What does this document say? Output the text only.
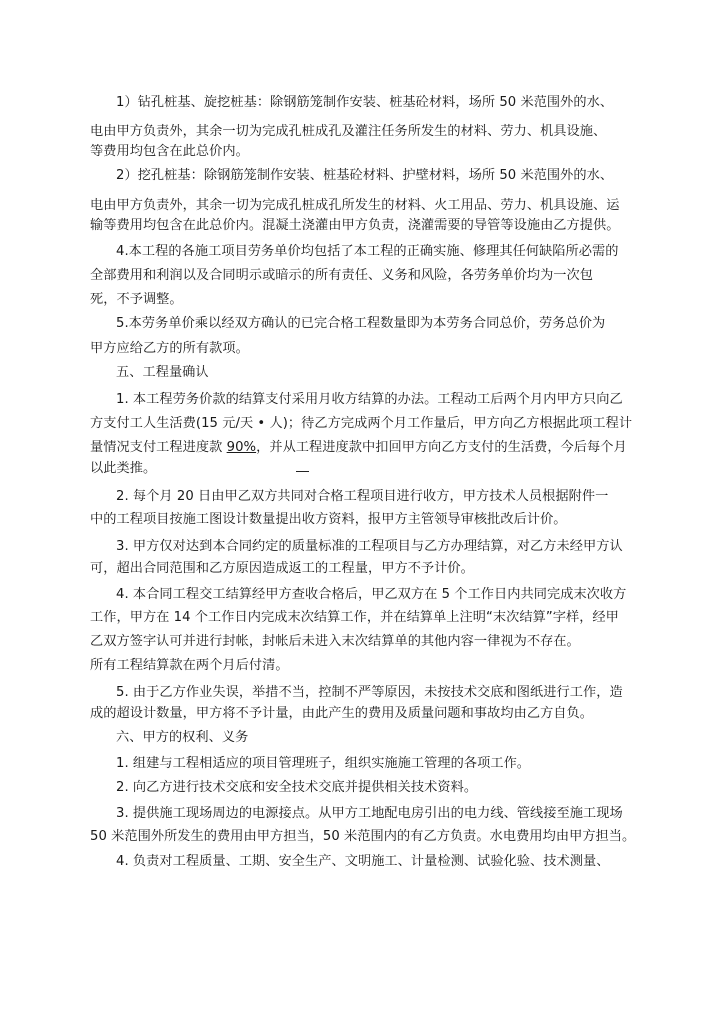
1）钻孔桩基、旋挖桩基：除钢筋笼制作安装、桩基砼材料，场所 50 米范围外的水、
电由甲方负责外，其余一切为完成孔桩成孔及灌注任务所发生的材料、劳力、机具设施、
等费用均包含在此总价内。
2）挖孔桩基：除钢筋笼制作安装、桩基砼材料、护壁材料，场所 50 米范围外的水、
电由甲方负责外，其余一切为完成孔桩成孔所发生的材料、火工用品、劳力、机具设施、运
输等费用均包含在此总价内。混凝土浇灌由甲方负责，浇灌需要的导管等设施由乙方提供。
4.本工程的各施工项目劳务单价均包括了本工程的正确实施、修理其任何缺陷所必需的
全部费用和利润以及合同明示或暗示的所有责任、义务和风险，各劳务单价均为一次包
死，不予调整。
5.本劳务单价乘以经双方确认的已完合格工程数量即为本劳务合同总价，劳务总价为
甲方应给乙方的所有款项。
五、工程量确认
1. 本工程劳务价款的结算支付采用月收方结算的办法。工程动工后两个月内甲方只向乙
方支付工人生活费(15 元/天 • 人)；待乙方完成两个月工作量后，甲方向乙方根据此项工程计
量情况支付工程进度款 90%，并从工程进度款中扣回甲方向乙方支付的生活费，今后每个月
以此类推。
2. 每个月 20 日由甲乙双方共同对合格工程项目进行收方，甲方技术人员根据附件一
中的工程项目按施工图设计数量提出收方资料，报甲方主管领导审核批改后计价。
3. 甲方仅对达到本合同约定的质量标准的工程项目与乙方办理结算，对乙方未经甲方认
可，超出合同范围和乙方原因造成返工的工程量，甲方不予计价。
4. 本合同工程交工结算经甲方查收合格后，甲乙双方在 5 个工作日内共同完成末次收方
工作，甲方在 14 个工作日内完成末次结算工作，并在结算单上注明“末次结算”字样，经甲
乙双方签字认可并进行封帐，封帐后未进入末次结算单的其他内容一律视为不存在。
所有工程结算款在两个月后付清。
5. 由于乙方作业失误，举措不当，控制不严等原因，未按技术交底和图纸进行工作，造
成的超设计数量，甲方将不予计量，由此产生的费用及质量问题和事故均由乙方自负。
六、甲方的权利、义务
1. 组建与工程相适应的项目管理班子，组织实施施工管理的各项工作。
2. 向乙方进行技术交底和安全技术交底并提供相关技术资料。
3. 提供施工现场周边的电源接点。从甲方工地配电房引出的电力线、管线接至施工现场
50 米范围外所发生的费用由甲方担当，50 米范围内的有乙方负责。水电费用均由甲方担当。
4. 负责对工程质量、工期、安全生产、文明施工、计量检测、试验化验、技术测量、
